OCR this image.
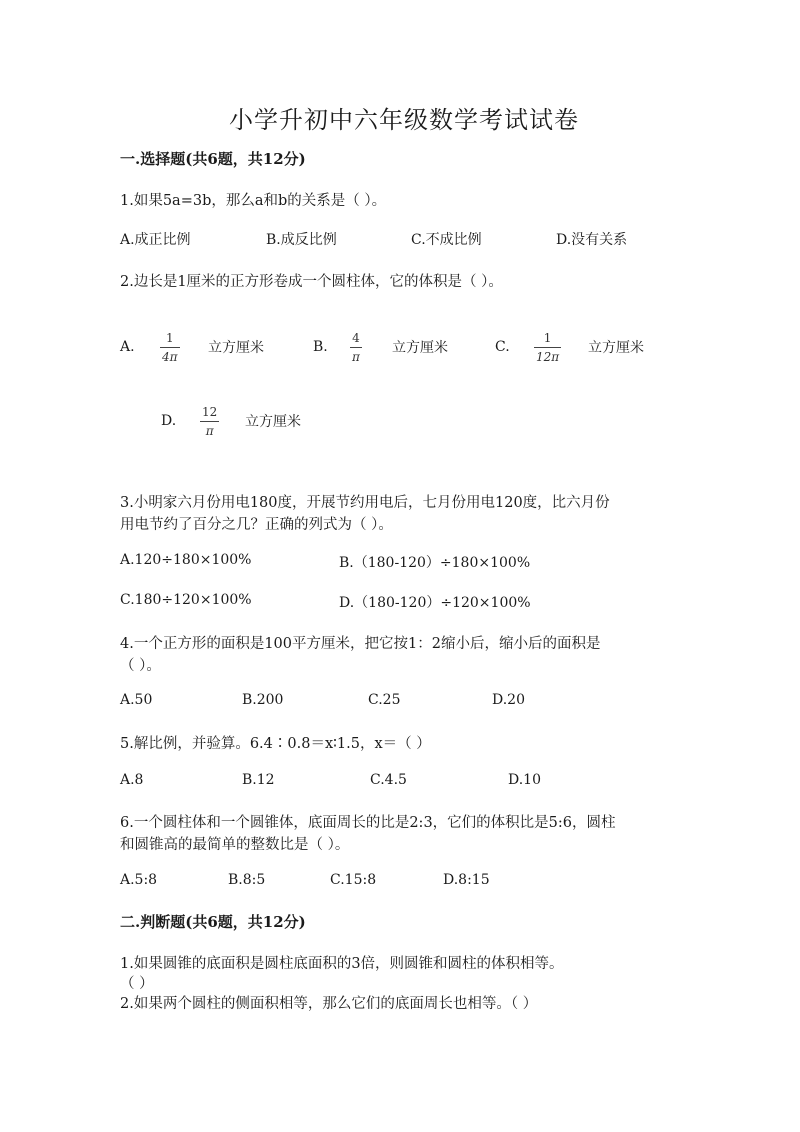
小学升初中六年级数学考试试卷
一.选择题(共6题，共12分)
1.如果5a=3b，那么a和b的关系是（ ）。
A.成正比例	B.成反比例	C.不成比例	D.没有关系
2.边长是1厘米的正方形卷成一个圆柱体，它的体积是（ ）。
A.
1
4π
立方厘米	B.
4
π
立方厘米	C.
1
12π
立方厘米
D.
12
π
立方厘米
3.小明家六月份用电180度，开展节约用电后，七月份用电120度，比六月份
用电节约了百分之几？正确的列式为（ ）。
A.120÷180×100%	B.（180-120）÷180×100%
C.180÷120×100%	D.（180-120）÷120×100%
4.一个正方形的面积是100平方厘米，把它按1：2缩小后，缩小后的面积是
（ ）。
A.50	B.200	C.25	D.20
5.解比例，并验算。6.4∶0.8＝x∶1.5，x＝（ ）
A.8	B.12	C.4.5	D.10
6.一个圆柱体和一个圆锥体，底面周长的比是2:3，它们的体积比是5:6，圆柱
和圆锥高的最简单的整数比是（ ）。
A.5:8	B.8:5	C.15:8	D.8:15
二.判断题(共6题，共12分)
1.如果圆锥的底面积是圆柱底面积的3倍，则圆锥和圆柱的体积相等。
（ ）
2.如果两个圆柱的侧面积相等，那么它们的底面周长也相等。（ ）
